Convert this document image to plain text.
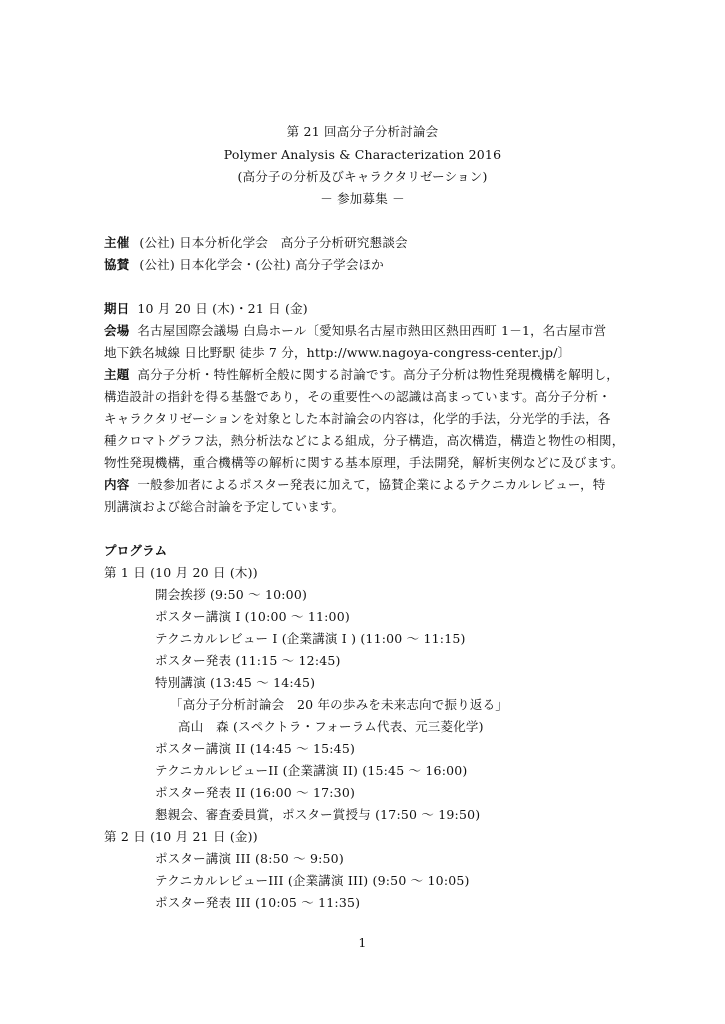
第 21 回高分子分析討論会
Polymer Analysis & Characterization 2016
(高分子の分析及びキャラクタリゼーション)
－ 参加募集 －
主催 (公社) 日本分析化学会　高分子分析研究懇談会
協賛 (公社) 日本化学会・(公社) 高分子学会ほか
期日 10 月 20 日 (木)・21 日 (金)
会場 名古屋国際会議場 白鳥ホール〔愛知県名古屋市熱田区熱田西町 1－1，名古屋市営
地下鉄名城線 日比野駅 徒歩 7 分，http://www.nagoya-congress-center.jp/〕
主題 高分子分析・特性解析全般に関する討論です。高分子分析は物性発現機構を解明し，
構造設計の指針を得る基盤であり，その重要性への認識は高まっています。高分子分析・
キャラクタリゼーションを対象とした本討論会の内容は，化学的手法，分光学的手法，各
種クロマトグラフ法，熱分析法などによる組成，分子構造，高次構造，構造と物性の相関，
物性発現機構，重合機構等の解析に関する基本原理，手法開発，解析実例などに及びます。
内容 一般参加者によるポスター発表に加えて，協賛企業によるテクニカルレビュー，特
別講演および総合討論を予定しています。
プログラム
第 1 日 (10 月 20 日 (木))
開会挨拶 (9:50 ～ 10:00)
ポスター講演 I (10:00 ～ 11:00)
テクニカルレビュー I (企業講演 I ) (11:00 ～ 11:15)
ポスター発表 (11:15 ～ 12:45)
特別講演 (13:45 ～ 14:45)
「高分子分析討論会　20 年の歩みを未来志向で振り返る」
高山　森 (スペクトラ・フォーラム代表、元三菱化学)
ポスター講演 II (14:45 ～ 15:45)
テクニカルレビューII (企業講演 II) (15:45 ～ 16:00)
ポスター発表 II (16:00 ～ 17:30)
懇親会、審査委員賞，ポスター賞授与 (17:50 ～ 19:50)
第 2 日 (10 月 21 日 (金))
ポスター講演 III (8:50 ～ 9:50)
テクニカルレビューIII (企業講演 III) (9:50 ～ 10:05)
ポスター発表 III (10:05 ～ 11:35)
1
